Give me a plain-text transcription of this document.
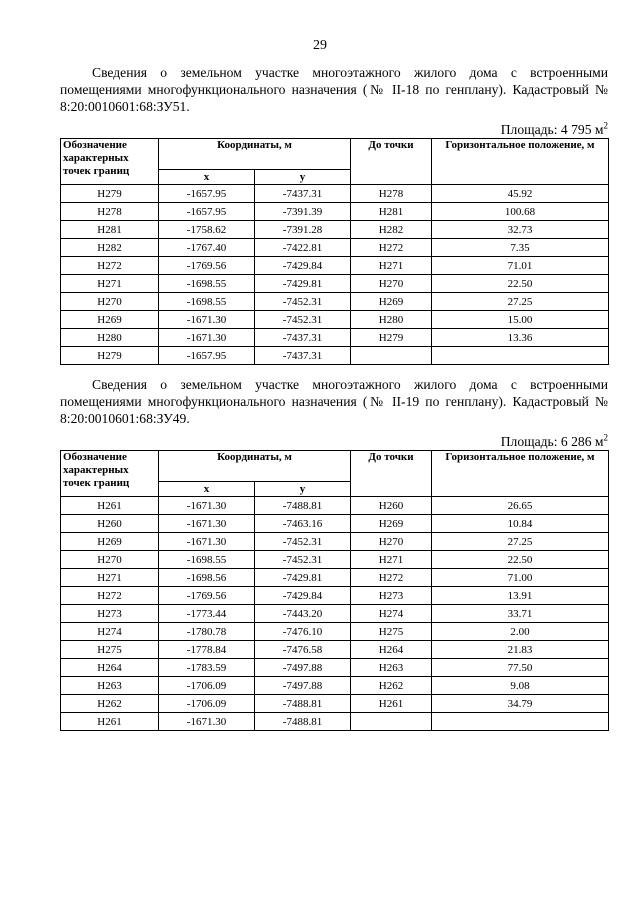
29

Сведения о земельном участке многоэтажного жилого дома с встроенными помещениями многофункционального назначения (№ II-18 по генплану). Кадастровый № 8:20:0010601:68:ЗУ51.

Площадь: 4 795 $м^2$
Обозначение характерных точек границ	Координаты, м		До точки	Горизонтальное положение, м
	x	y		
Н279	-1657.95	-7437.31	Н278	45.92
Н278	-1657.95	-7391.39	Н281	100.68
Н281	-1758.62	-7391.28	Н282	32.73
Н282	-1767.40	-7422.81	Н272	7.35
Н272	-1769.56	-7429.84	Н271	71.01
Н271	-1698.55	-7429.81	Н270	22.50
Н270	-1698.55	-7452.31	Н269	27.25
Н269	-1671.30	-7452.31	Н280	15.00
Н280	-1671.30	-7437.31	Н279	13.36
Н279	-1657.95	-7437.31		

Сведения о земельном участке многоэтажного жилого дома с встроенными помещениями многофункционального назначения (№ II-19 по генплану). Кадастровый № 8:20:0010601:68:ЗУ49.

Площадь: 6 286 $м^2$
Обозначение характерных точек границ	Координаты, м		До точки	Горизонтальное положение, м
	x	y		
Н261	-1671.30	-7488.81	Н260	26.65
Н260	-1671.30	-7463.16	Н269	10.84
Н269	-1671.30	-7452.31	Н270	27.25
Н270	-1698.55	-7452.31	Н271	22.50
Н271	-1698.56	-7429.81	Н272	71.00
Н272	-1769.56	-7429.84	Н273	13.91
Н273	-1773.44	-7443.20	Н274	33.71
Н274	-1780.78	-7476.10	Н275	2.00
Н275	-1778.84	-7476.58	Н264	21.83
Н264	-1783.59	-7497.88	Н263	77.50
Н263	-1706.09	-7497.88	Н262	9.08
Н262	-1706.09	-7488.81	Н261	34.79
Н261	-1671.30	-7488.81		
